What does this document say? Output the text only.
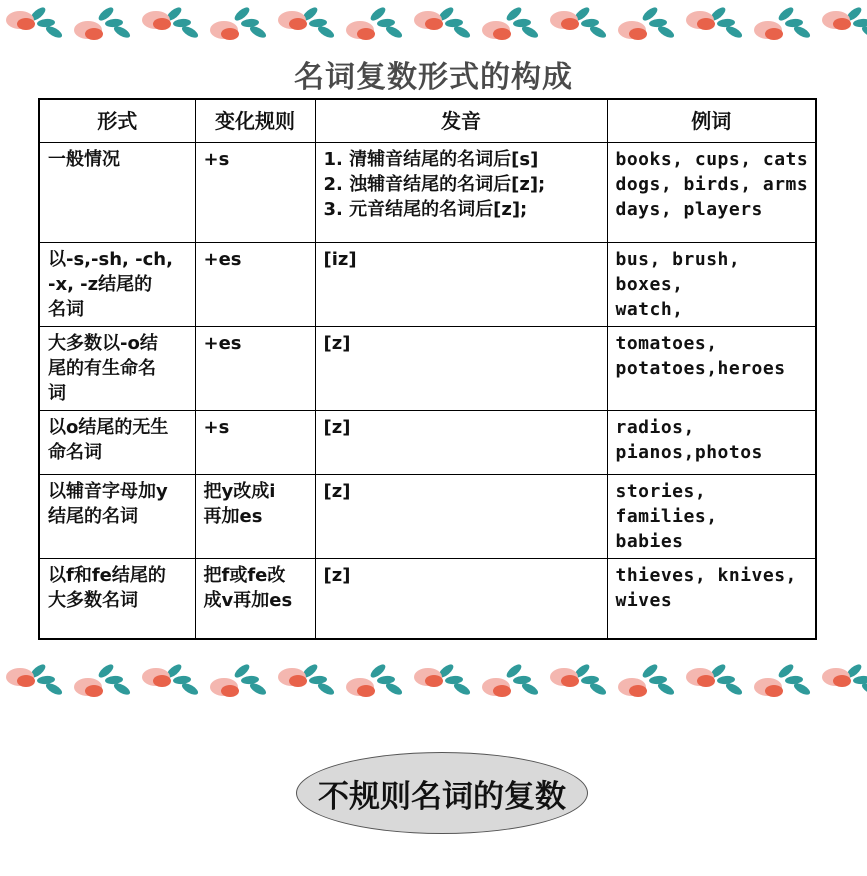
名词复数形式的构成
形式	变化规则	发音	例词

一般情况	+s	1. 清辅音结尾的名词后[s]
2. 浊辅音结尾的名词后[z];
3. 元音结尾的名词后[z];	books, cups, cats
dogs, birds, arms
days, players

以-s,-sh, -ch,
-x, -z结尾的
名词	+es	[iz]	bus, brush, boxes,
watch,

大多数以-o结
尾的有生命名
词	+es	[z]	tomatoes,
potatoes,heroes

以o结尾的无生
命名词	+s	[z]	radios,
pianos,photos

以辅音字母加y
结尾的名词	把y改成i
再加es	[z]	stories, families,
babies

以f和fe结尾的
大多数名词	把f或fe改
成v再加es	[z]	thieves, knives,
wives
不规则名词的复数
